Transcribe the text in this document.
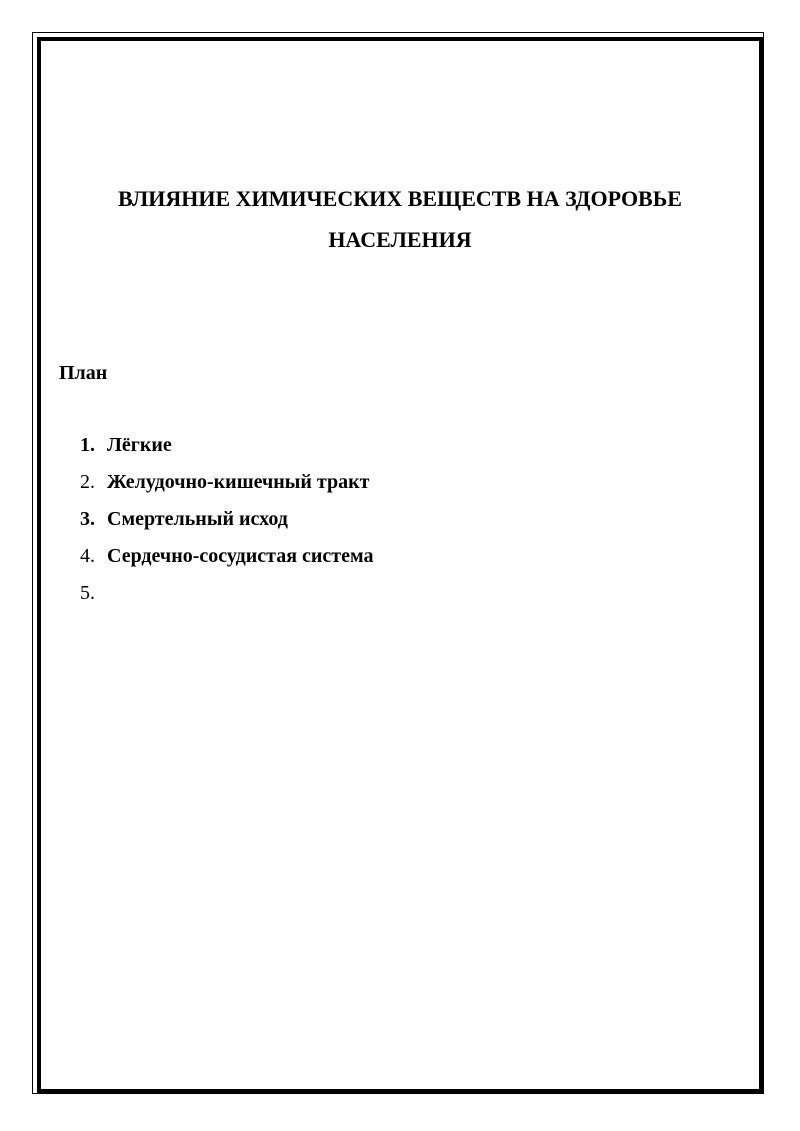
ВЛИЯНИЕ ХИМИЧЕСКИХ ВЕЩЕСТВ НА ЗДОРОВЬЕ НАСЕЛЕНИЯ

План

1. Лёгкие
2. Желудочно-кишечный тракт
3. Смертельный исход
4. Сердечно-сосудистая система
5.
